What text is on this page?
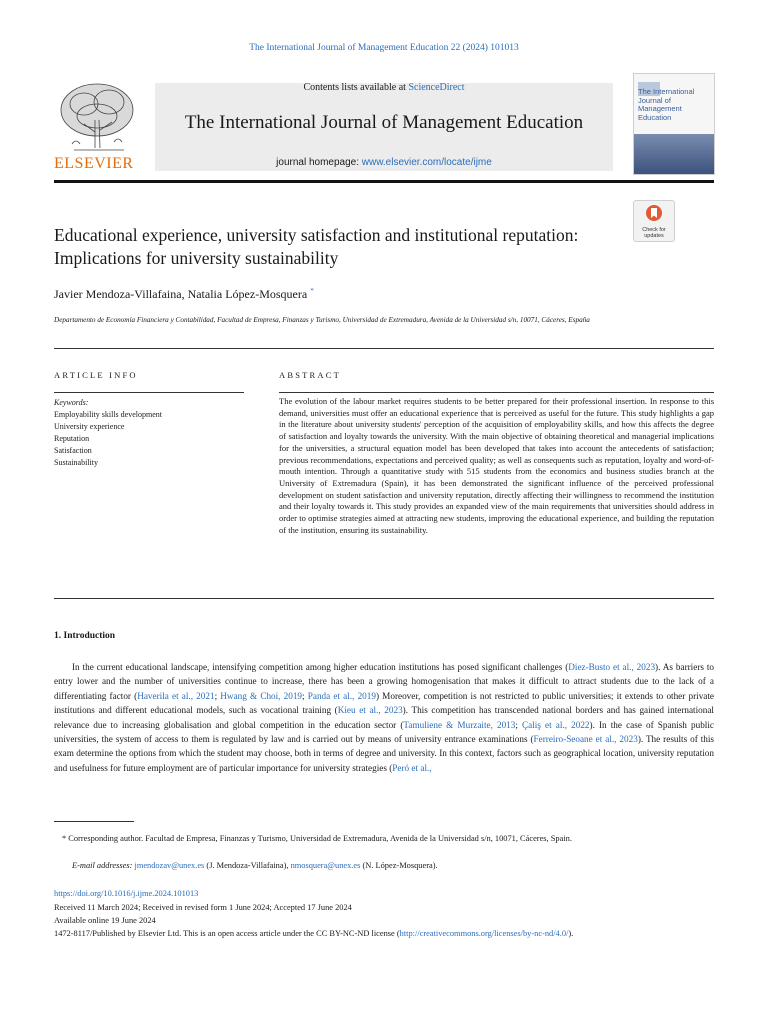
The International Journal of Management Education 22 (2024) 101013
ELSEVIER
Contents lists available at ScienceDirect
The International Journal of Management Education
journal homepage: www.elsevier.com/locate/ijme
The International
Journal of
Management
Education
Check for
updates
Educational experience, university satisfaction and institutional reputation: Implications for university sustainability
Javier Mendoza-Villafaina, Natalia López-Mosquera *
Departamento de Economía Financiera y Contabilidad, Facultad de Empresa, Finanzas y Turismo, Universidad de Extremadura, Avenida de la Universidad s/n, 10071, Cáceres, España
ARTICLE INFO
Keywords:
Employability skills development
University experience
Reputation
Satisfaction
Sustainability
ABSTRACT
The evolution of the labour market requires students to be better prepared for their professional insertion. In response to this demand, universities must offer an educational experience that is perceived as useful for the future. This study highlights a gap in the literature about university students' perception of the acquisition of employability skills, and how this affects the degree of satisfaction and loyalty towards the university. With the main objective of obtaining theoretical and managerial implications for the universities, a structural equation model has been developed that takes into account the antecedents of satisfaction; previous recommendations, expectations and perceived quality; as well as consequents such as reputation, loyalty and word-of-mouth intention. Through a quantitative study with 515 students from the economics and business studies branch at the University of Extremadura (Spain), it has been demonstrated the significant influence of the perceived professional development on student satisfaction and university reputation, directly affecting their willingness to recommend the institution and their loyalty towards it. This study provides an expanded view of the main requirements that universities should address in order to optimise strategies aimed at attracting new students, improving the educational experience, and building the reputation of the institution, ensuring its sustainability.
1. Introduction
In the current educational landscape, intensifying competition among higher education institutions has posed significant challenges (Diez-Busto et al., 2023). As barriers to entry lower and the number of universities continue to increase, there has been a growing homogenisation that makes it difficult to attract students due to the lack of a differentiating factor (Haverila et al., 2021; Hwang & Choi, 2019; Panda et al., 2019) Moreover, competition is not restricted to public universities; it extends to other private institutions and different educational models, such as vocational training (Kieu et al., 2023). This competition has transcended national borders and has gained international relevance due to increasing globalisation and global competition in the education sector (Tamuliene & Murzaite, 2013; Çaliş et al., 2022). In the case of Spanish public universities, the system of access to them is regulated by law and is carried out by means of university entrance examinations (Ferreiro-Seoane et al., 2023). The results of this exam determine the options from which the student may choose, both in terms of degree and university. In this context, factors such as geographical location, university reputation and usefulness for future employment are of particular importance for university strategies (Peró et al.,
* Corresponding author. Facultad de Empresa, Finanzas y Turismo, Universidad de Extremadura, Avenida de la Universidad s/n, 10071, Cáceres, Spain.
E-mail addresses: jmendozav@unex.es (J. Mendoza-Villafaina), nmosquera@unex.es (N. López-Mosquera).
https://doi.org/10.1016/j.ijme.2024.101013
Received 11 March 2024; Received in revised form 1 June 2024; Accepted 17 June 2024
Available online 19 June 2024
1472-8117/Published by Elsevier Ltd. This is an open access article under the CC BY-NC-ND license (http://creativecommons.org/licenses/by-nc-nd/4.0/).
